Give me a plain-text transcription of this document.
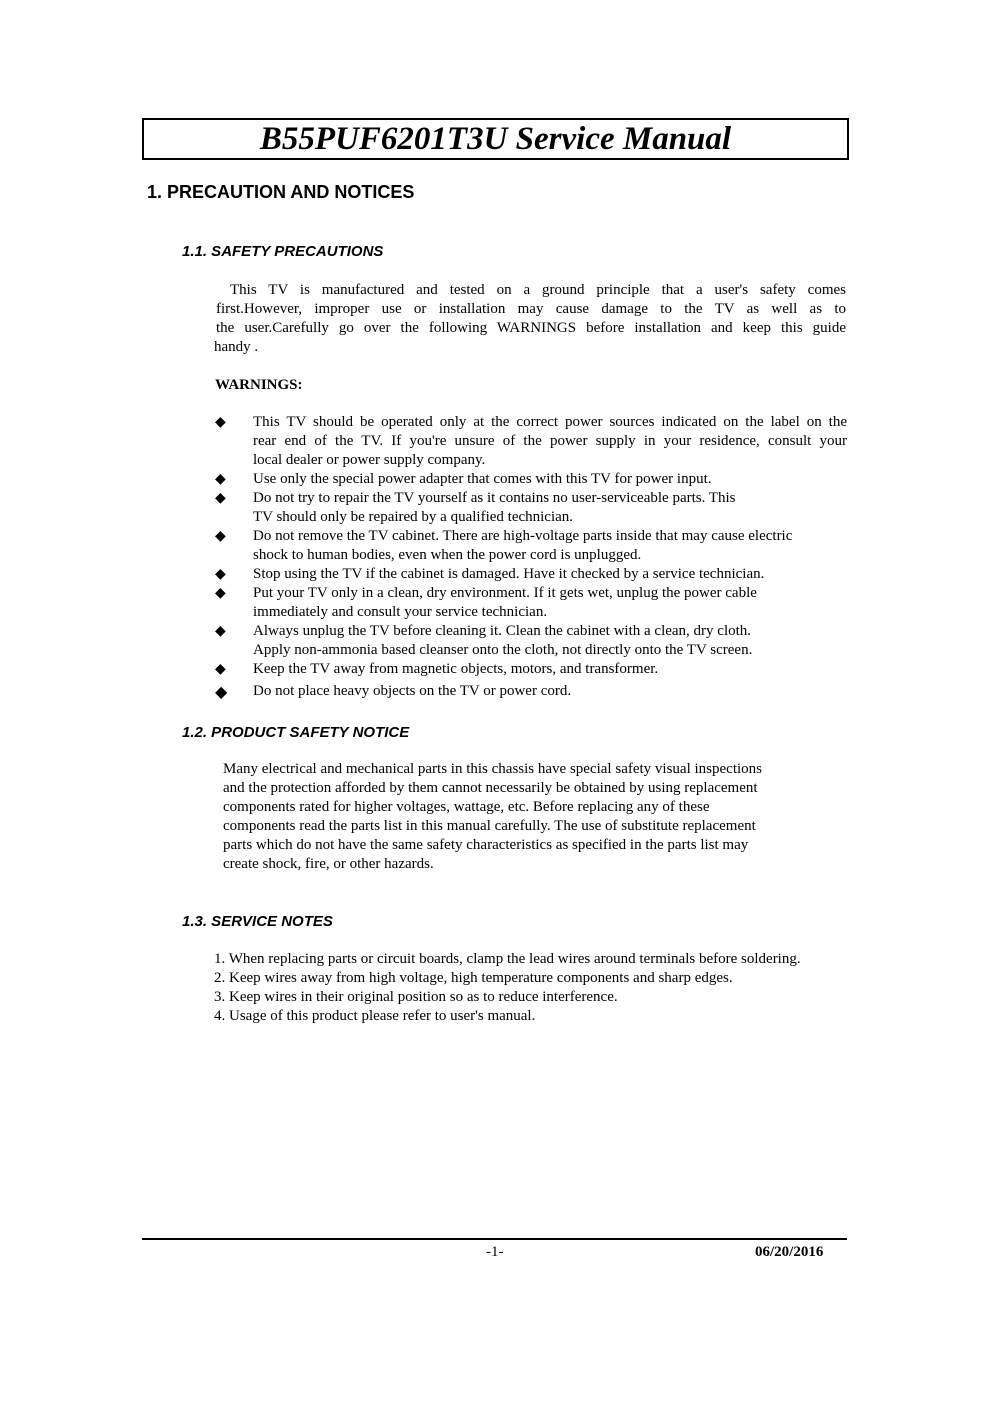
B55PUF6201T3U Service Manual
1. PRECAUTION AND NOTICES
1.1. SAFETY PRECAUTIONS
This TV is manufactured and tested on a ground principle that a user's safety comes
first.However, improper use or installation may cause damage to the TV as well as to
the user.Carefully go over the following WARNINGS before installation and keep this guide
handy .
WARNINGS:
◆ This TV should be operated only at the correct power sources indicated on the label on the
rear end of the TV. If you're unsure of the power supply in your residence, consult your
local dealer or power supply company.
◆ Use only the special power adapter that comes with this TV for power input.
◆ Do not try to repair the TV yourself as it contains no user-serviceable parts. This
TV should only be repaired by a qualified technician.
◆ Do not remove the TV cabinet. There are high-voltage parts inside that may cause electric
shock to human bodies, even when the power cord is unplugged.
◆ Stop using the TV if the cabinet is damaged. Have it checked by a service technician.
◆ Put your TV only in a clean, dry environment. If it gets wet, unplug the power cable
immediately and consult your service technician.
◆ Always unplug the TV before cleaning it. Clean the cabinet with a clean, dry cloth.
Apply non-ammonia based cleanser onto the cloth, not directly onto the TV screen.
◆ Keep the TV away from magnetic objects, motors, and transformer.
◆ Do not place heavy objects on the TV or power cord.
1.2. PRODUCT SAFETY NOTICE
Many electrical and mechanical parts in this chassis have special safety visual inspections
and the protection afforded by them cannot necessarily be obtained by using replacement
components rated for higher voltages, wattage, etc. Before replacing any of these
components read the parts list in this manual carefully. The use of substitute replacement
parts which do not have the same safety characteristics as specified in the parts list may
create shock, fire, or other hazards.
1.3. SERVICE NOTES
1. When replacing parts or circuit boards, clamp the lead wires around terminals before soldering.
2. Keep wires away from high voltage, high temperature components and sharp edges.
3. Keep wires in their original position so as to reduce interference.
4. Usage of this product please refer to user's manual.
-1-	06/20/2016
